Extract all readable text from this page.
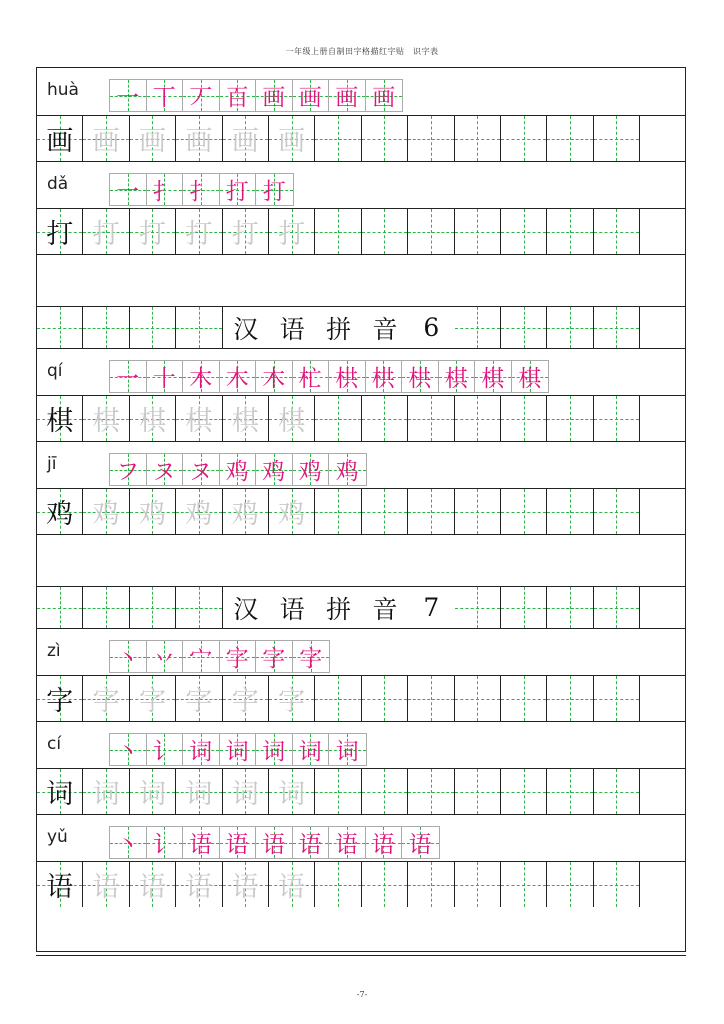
一年级上册自制田字格描红字贴　识字表
huà 一 丅 丆 百 画 画 画 画
画 画 画 画 画 画
dǎ 一 扌 扌 打 打
打 打 打 打 打 打
汉 语 拼 音	6
qí 一 十 木 木 木 杧 栱 栱 栱 棋 棋 棋
棋 棋 棋 棋 棋 棋
jī	フ ヌ ヌ 鸡 鸡 鸡 鸡
鸡 鸡 鸡 鸡 鸡 鸡
汉 语 拼 音	7
zì 丶 丷 宀 字 字 字
字 字 字 字 字 字
cí 丶 讠 词 词 词 词 词
词 词 词 词 词 词
yǔ 丶 讠 语 语 语 语 语 语 语
语 语 语 语 语 语
-7-
